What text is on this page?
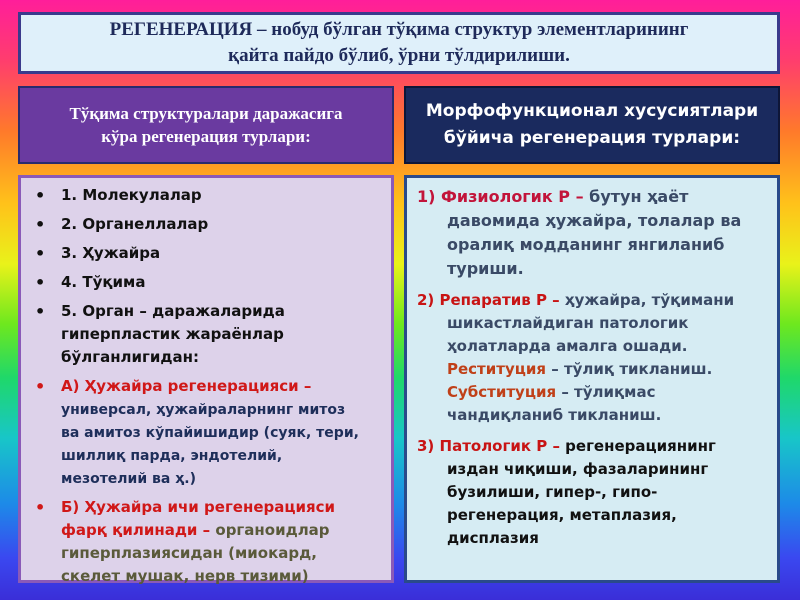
РЕГЕНЕРАЦИЯ – нобуд бўлган тўқима структур элементларининг
қайта пайдо бўлиб, ўрни тўлдирилиши.
Тўқима структуралари даражасига
кўра регенерация турлари:
Морфофункционал хусусиятлари
бўйича регенерация турлари:
• 1. Молекулалар
• 2. Органеллалар
• 3. Ҳужайра
• 4. Тўқима
• 5. Орган – даражаларида
гиперпластик жараёнлар
бўлганлигидан:
• А) Ҳужайра регенерацияси –
универсал, ҳужайраларнинг митоз
ва амитоз кўпайишидир (суяк, тери,
шиллиқ парда, эндотелий,
мезотелий ва ҳ.)
• Б) Ҳужайра ичи регенерацияси
фарқ қилинади – органоидлар
гиперплазиясидан (миокард,
скелет мушак, нерв тизими)
1) Физиологик Р – бутун ҳаёт
давомида ҳужайра, толалар ва
оралиқ модданинг янгиланиб
туриши.
2) Репаратив Р – ҳужайра, тўқимани
шикастлайдиган патологик
ҳолатларда амалга ошади.
Реституция – тўлиқ тикланиш.
Субституция – тўлиқмас
чандиқланиб тикланиш.
3) Патологик Р – регенерациянинг
издан чиқиши, фазаларининг
бузилиши, гипер-, гипо-
регенерация, метаплазия,
дисплазия
